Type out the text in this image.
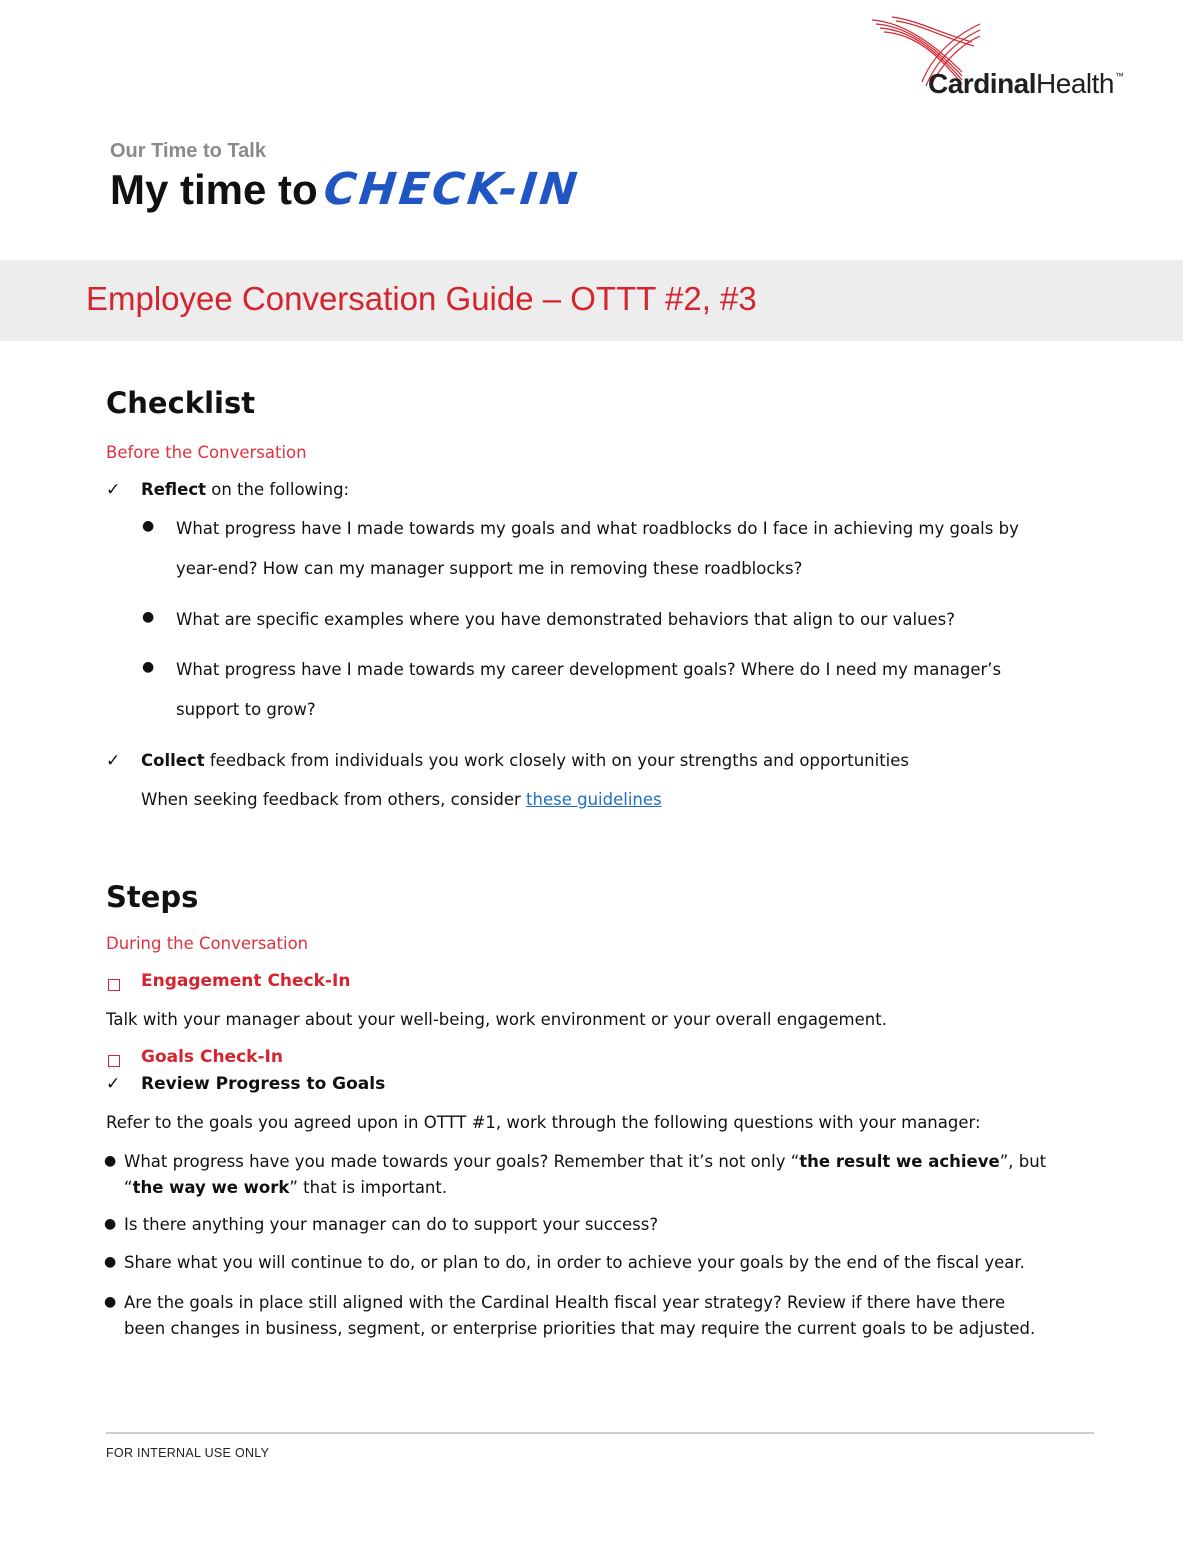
CardinalHealth™
Our Time to Talk
My time toCHECK-IN
Employee Conversation Guide – OTTT #2, #3
Checklist
Before the Conversation
✓ Reflect on the following:
● What progress have I made towards my goals and what roadblocks do I face in achieving my goals by
year-end? How can my manager support me in removing these roadblocks?
● What are specific examples where you have demonstrated behaviors that align to our values?
● What progress have I made towards my career development goals? Where do I need my manager’s
support to grow?
✓ Collect feedback from individuals you work closely with on your strengths and opportunities
When seeking feedback from others, consider these guidelines
Steps
During the Conversation
Engagement Check-In
Talk with your manager about your well-being, work environment or your overall engagement.
Goals Check-In
✓ Review Progress to Goals
Refer to the goals you agreed upon in OTTT #1, work through the following questions with your manager:
● What progress have you made towards your goals? Remember that it’s not only “the result we achieve”, but
“the way we work” that is important.
● Is there anything your manager can do to support your success?
● Share what you will continue to do, or plan to do, in order to achieve your goals by the end of the fiscal year.
● Are the goals in place still aligned with the Cardinal Health fiscal year strategy? Review if there have there
been changes in business, segment, or enterprise priorities that may require the current goals to be adjusted.
FOR INTERNAL USE ONLY
